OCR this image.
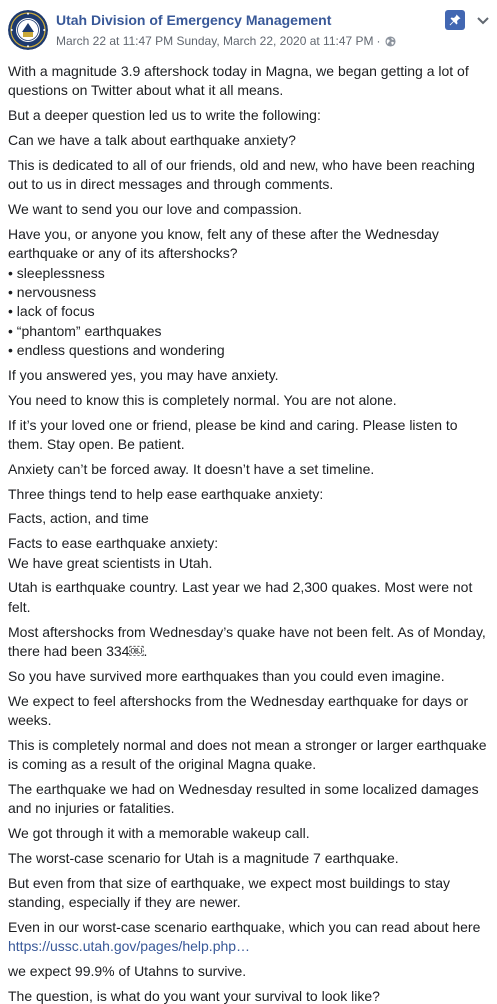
Utah Division of Emergency Management
March 22 at 11:47 PM Sunday, March 22, 2020 at 11:47 PM ·

With a magnitude 3.9 aftershock today in Magna, we began getting a lot of questions on Twitter about what it all means.

But a deeper question led us to write the following:

Can we have a talk about earthquake anxiety?

This is dedicated to all of our friends, old and new, who have been reaching out to us in direct messages and through comments.

We want to send you our love and compassion.

Have you, or anyone you know, felt any of these after the Wednesday earthquake or any of its aftershocks?
• sleeplessness
• nervousness
• lack of focus
• “phantom” earthquakes
• endless questions and wondering

If you answered yes, you may have anxiety.

You need to know this is completely normal. You are not alone.

If it’s your loved one or friend, please be kind and caring. Please listen to them. Stay open. Be patient.

Anxiety can’t be forced away. It doesn’t have a set timeline.

Three things tend to help ease earthquake anxiety:

Facts, action, and time

Facts to ease earthquake anxiety:
We have great scientists in Utah.

Utah is earthquake country. Last year we had 2,300 quakes. Most were not felt.

Most aftershocks from Wednesday’s quake have not been felt. As of Monday, there had been 334￼.

So you have survived more earthquakes than you could even imagine.

We expect to feel aftershocks from the Wednesday earthquake for days or weeks.

This is completely normal and does not mean a stronger or larger earthquake is coming as a result of the original Magna quake.

The earthquake we had on Wednesday resulted in some localized damages and no injuries or fatalities.

We got through it with a memorable wakeup call.

The worst-case scenario for Utah is a magnitude 7 earthquake.

But even from that size of earthquake, we expect most buildings to stay standing, especially if they are newer.

Even in our worst-case scenario earthquake, which you can read about here
https://ussc.utah.gov/pages/help.php…

we expect 99.9% of Utahns to survive.

The question, is what do you want your survival to look like?
